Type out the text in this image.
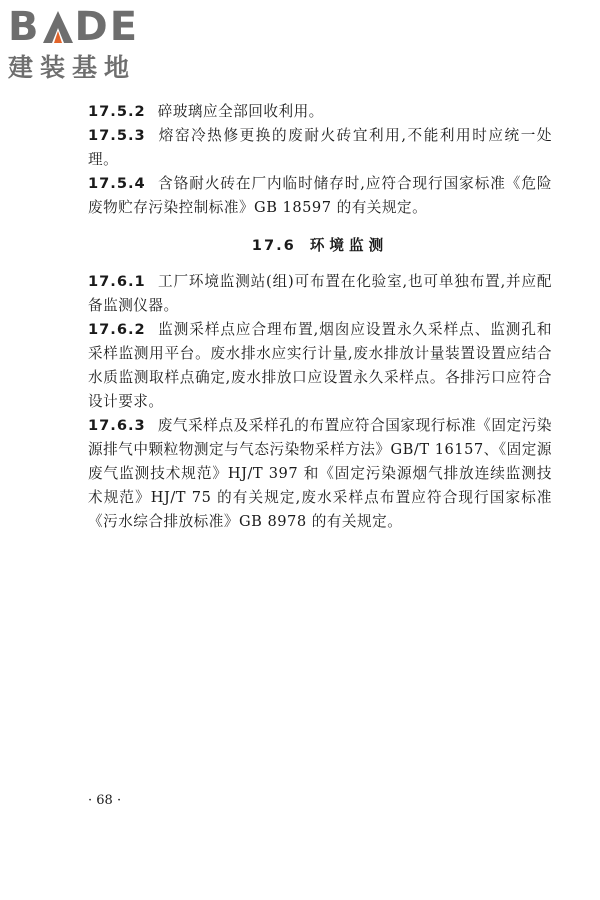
B D E
建装基地

17.5.2 碎玻璃应全部回收利用。

17.5.3 熔窑冷热修更换的废耐火砖宜利用,不能利用时应统一处理。

17.5.4 含铬耐火砖在厂内临时储存时,应符合现行国家标准《危险废物贮存污染控制标准》GB 18597 的有关规定。

17.6 环境监测

17.6.1 工厂环境监测站(组)可布置在化验室,也可单独布置,并应配备监测仪器。

17.6.2 监测采样点应合理布置,烟囱应设置永久采样点、监测孔和采样监测用平台。废水排水应实行计量,废水排放计量装置设置应结合水质监测取样点确定,废水排放口应设置永久采样点。各排污口应符合设计要求。

17.6.3 废气采样点及采样孔的布置应符合国家现行标准《固定污染源排气中颗粒物测定与气态污染物采样方法》GB/T 16157、《固定源废气监测技术规范》HJ/T 397 和《固定污染源烟气排放连续监测技术规范》HJ/T 75 的有关规定,废水采样点布置应符合现行国家标准《污水综合排放标准》GB 8978 的有关规定。

· 68 ·
